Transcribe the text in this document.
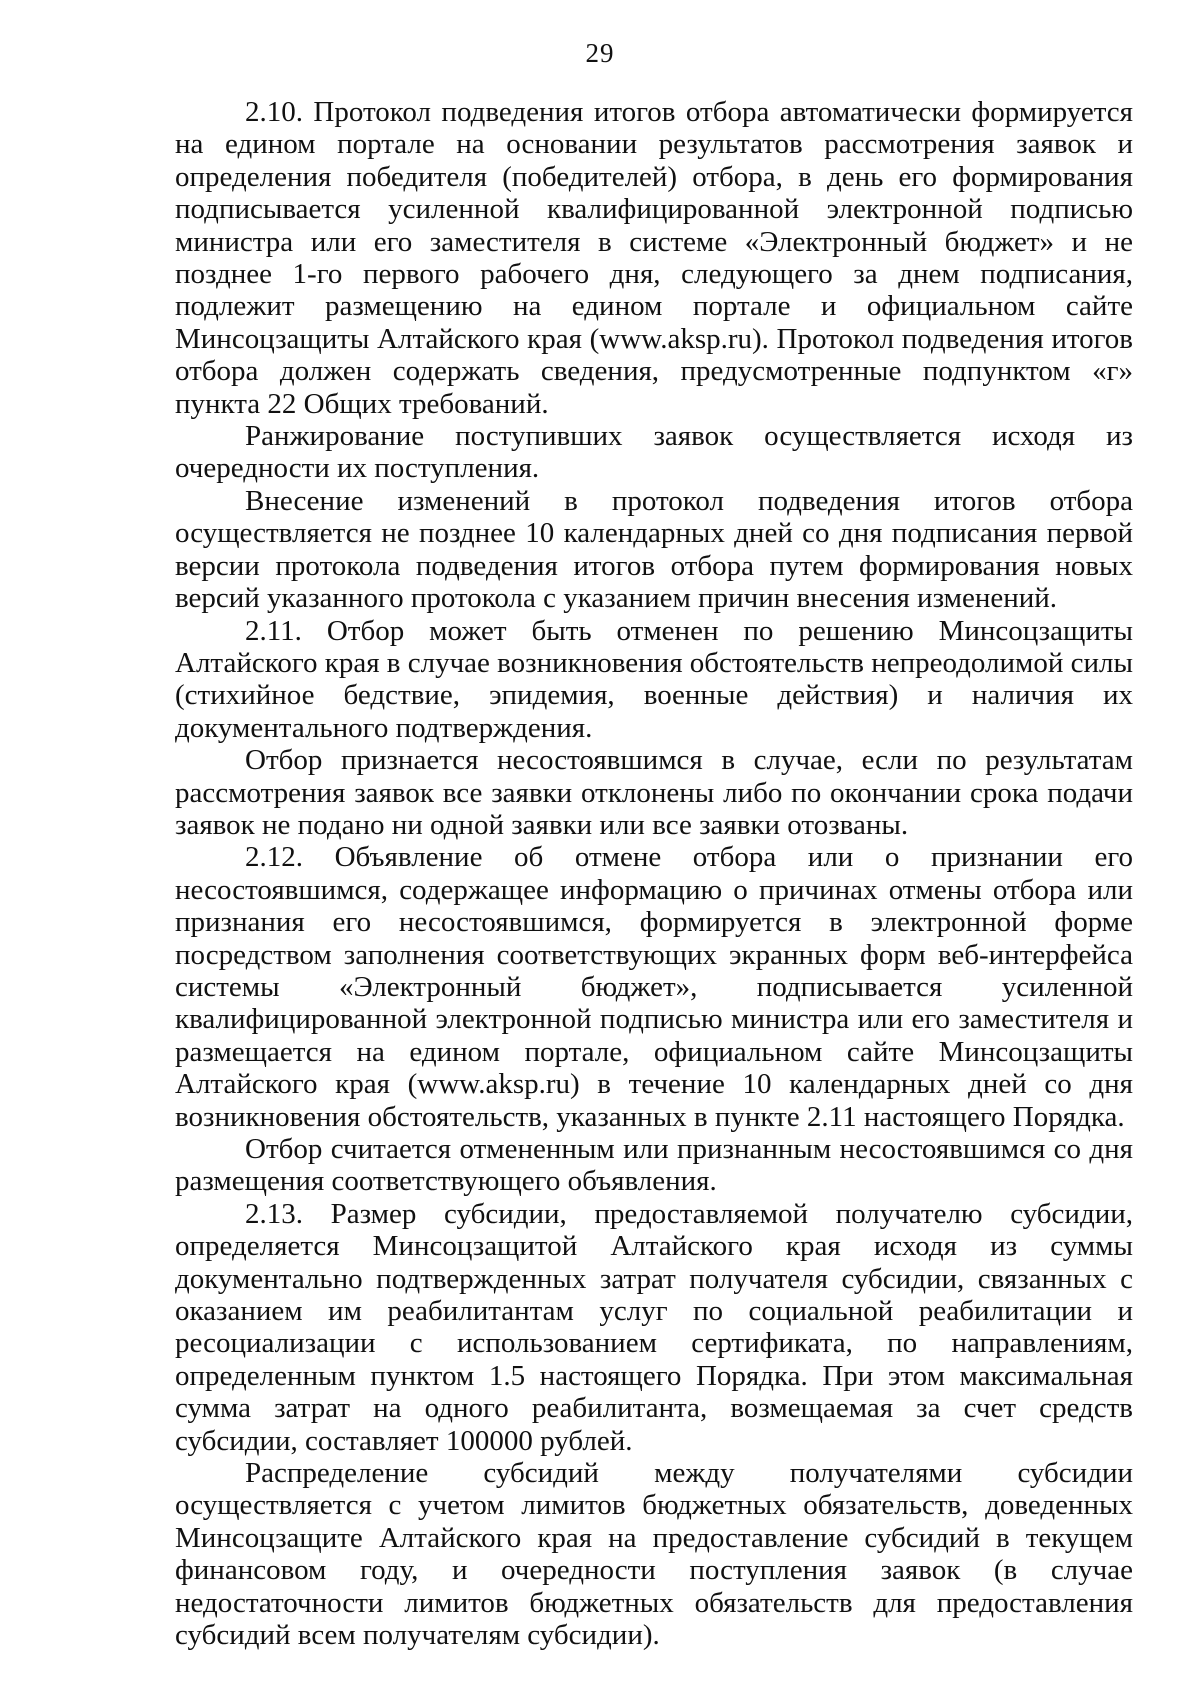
29

2.10. Протокол подведения итогов отбора автоматически формируется на едином портале на основании результатов рассмотрения заявок и определения победителя (победителей) отбора, в день его формирования подписывается усиленной квалифицированной электронной подписью министра или его заместителя в системе «Электронный бюджет» и не позднее 1-го первого рабочего дня, следующего за днем подписания, подлежит размещению на едином портале и официальном сайте Минсоцзащиты Алтайского края (www.aksp.ru). Протокол подведения итогов отбора должен содержать сведения, предусмотренные подпунктом «г» пункта 22 Общих требований.

Ранжирование поступивших заявок осуществляется исходя из очередности их поступления.

Внесение изменений в протокол подведения итогов отбора осуществляется не позднее 10 календарных дней со дня подписания первой версии протокола подведения итогов отбора путем формирования новых версий указанного протокола с указанием причин внесения изменений.

2.11. Отбор может быть отменен по решению Минсоцзащиты Алтайского края в случае возникновения обстоятельств непреодолимой силы (стихийное бедствие, эпидемия, военные действия) и наличия их документального подтверждения.

Отбор признается несостоявшимся в случае, если по результатам рассмотрения заявок все заявки отклонены либо по окончании срока подачи заявок не подано ни одной заявки или все заявки отозваны.

2.12. Объявление об отмене отбора или о признании его несостоявшимся, содержащее информацию о причинах отмены отбора или признания его несостоявшимся, формируется в электронной форме посредством заполнения соответствующих экранных форм веб-интерфейса системы «Электронный бюджет», подписывается усиленной квалифицированной электронной подписью министра или его заместителя и размещается на едином портале, официальном сайте Минсоцзащиты Алтайского края (www.aksp.ru) в течение 10 календарных дней со дня возникновения обстоятельств, указанных в пункте 2.11 настоящего Порядка.

Отбор считается отмененным или признанным несостоявшимся со дня размещения соответствующего объявления.

2.13. Размер субсидии, предоставляемой получателю субсидии, определяется Минсоцзащитой Алтайского края исходя из суммы документально подтвержденных затрат получателя субсидии, связанных с оказанием им реабилитантам услуг по социальной реабилитации и ресоциализации с использованием сертификата, по направлениям, определенным пунктом 1.5 настоящего Порядка. При этом максимальная сумма затрат на одного реабилитанта, возмещаемая за счет средств субсидии, составляет 100000 рублей.

Распределение субсидий между получателями субсидии осуществляется с учетом лимитов бюджетных обязательств, доведенных Минсоцзащите Алтайского края на предоставление субсидий в текущем финансовом году, и очередности поступления заявок (в случае недостаточности лимитов бюджетных обязательств для предоставления субсидий всем получателям субсидии).
